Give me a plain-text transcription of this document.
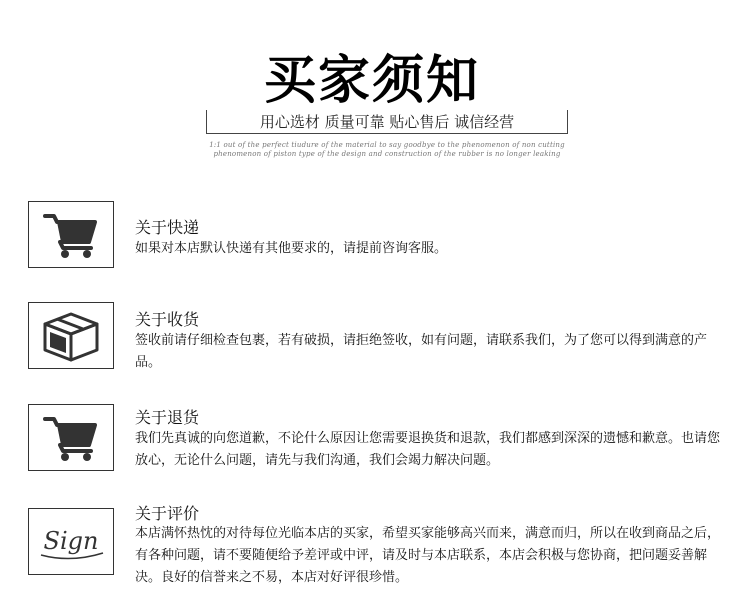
买家须知
用心选材 质量可靠 贴心售后 诚信经营
1:1 out of the perfect tiudure of the material to say goodbye to the phenomenon of non cutting
phenomenon of piston type of the design and construction of the rubber is no longer leaking
关于快递
如果对本店默认快递有其他要求的，请提前咨询客服。
关于收货
签收前请仔细检查包裹，若有破损，请拒绝签收，如有问题，请联系我们，为了您可以得到满意的产品。
关于退货
我们先真诚的向您道歉，不论什么原因让您需要退换货和退款，我们都感到深深的遗憾和歉意。也请您放心，无论什么问题，请先与我们沟通，我们会竭力解决问题。
Sign
关于评价
本店满怀热忱的对待每位光临本店的买家，希望买家能够高兴而来，满意而归，所以在收到商品之后，有各种问题，请不要随便给予差评或中评，请及时与本店联系，本店会积极与您协商，把问题妥善解决。良好的信誉来之不易，本店对好评很珍惜。
